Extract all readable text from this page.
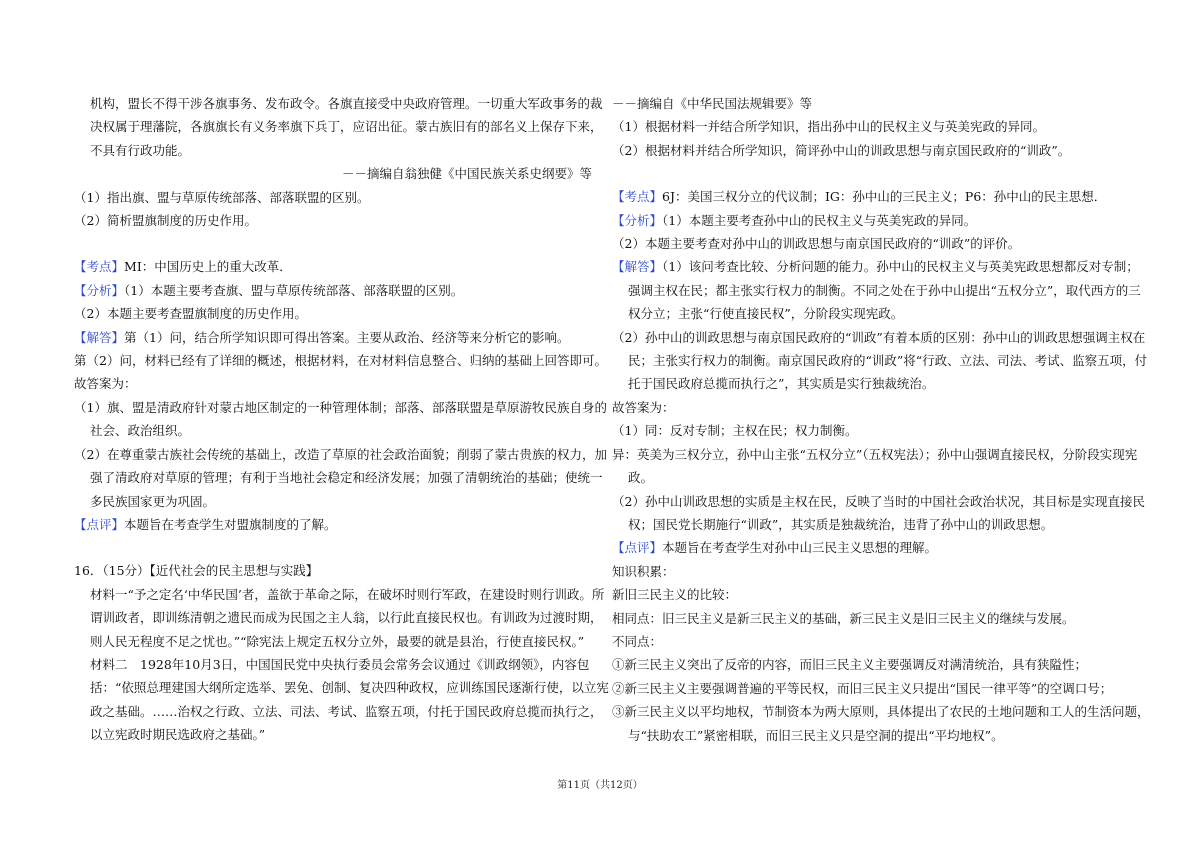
机构，盟长不得干涉各旗事务、发布政令。各旗直接受中央政府管理。一切重大军政事务的裁
决权属于理藩院，各旗旗长有义务率旗下兵丁，应诏出征。蒙古族旧有的部名义上保存下来，
不具有行政功能。
－－摘编自翁独健《中国民族关系史纲要》等
（1）指出旗、盟与草原传统部落、部落联盟的区别。
（2）简析盟旗制度的历史作用。
【考点】MI：中国历史上的重大改革．
【分析】（1）本题主要考查旗、盟与草原传统部落、部落联盟的区别。
（2）本题主要考查盟旗制度的历史作用。
【解答】第（1）问，结合所学知识即可得出答案。主要从政治、经济等来分析它的影响。
第（2）问，材料已经有了详细的概述，根据材料，在对材料信息整合、归纳的基础上回答即可。
故答案为：
（1）旗、盟是清政府针对蒙古地区制定的一种管理体制；部落、部落联盟是草原游牧民族自身的
社会、政治组织。
（2）在尊重蒙古族社会传统的基础上，改造了草原的社会政治面貌；削弱了蒙古贵族的权力，加
强了清政府对草原的管理；有利于当地社会稳定和经济发展；加强了清朝统治的基础；使统一
多民族国家更为巩固。
【点评】本题旨在考查学生对盟旗制度的了解。
16．（15分）【近代社会的民主思想与实践】
材料一“予之定名‘中华民国’者，盖欲于革命之际，在破坏时则行军政，在建设时则行训政。所
谓训政者，即训练清朝之遗民而成为民国之主人翁，以行此直接民权也。有训政为过渡时期，
则人民无程度不足之忧也。”“除宪法上规定五权分立外，最要的就是县治，行使直接民权。”
材料二　1928年10月3日，中国国民党中央执行委员会常务会议通过《训政纲领》，内容包
括：“依照总理建国大纲所定选举、罢免、创制、复决四种政权，应训练国民逐渐行使，以立宪
政之基础。……治权之行政、立法、司法、考试、监察五项，付托于国民政府总揽而执行之，
以立宪政时期民选政府之基础。”
－－摘编自《中华民国法规辑要》等
（1）根据材料一并结合所学知识，指出孙中山的民权主义与英美宪政的异同。
（2）根据材料并结合所学知识，简评孙中山的训政思想与南京国民政府的“训政”。
【考点】6J：美国三权分立的代议制；IG：孙中山的三民主义；P6：孙中山的民主思想．
【分析】（1）本题主要考查孙中山的民权主义与英美宪政的异同。
（2）本题主要考查对孙中山的训政思想与南京国民政府的“训政”的评价。
【解答】（1）该问考查比较、分析问题的能力。孙中山的民权主义与英美宪政思想都反对专制；
强调主权在民；都主张实行权力的制衡。不同之处在于孙中山提出“五权分立”，取代西方的三
权分立；主张“行使直接民权”，分阶段实现宪政。
（2）孙中山的训政思想与南京国民政府的“训政”有着本质的区别：孙中山的训政思想强调主权在
民；主张实行权力的制衡。南京国民政府的“训政”将“行政、立法、司法、考试、监察五项，付
托于国民政府总揽而执行之”，其实质是实行独裁统治。
故答案为：
（1）同：反对专制；主权在民；权力制衡。
异：英美为三权分立，孙中山主张“五权分立”（五权宪法）；孙中山强调直接民权，分阶段实现宪
政。
（2）孙中山训政思想的实质是主权在民，反映了当时的中国社会政治状况，其目标是实现直接民
权；国民党长期施行“训政”，其实质是独裁统治，违背了孙中山的训政思想。
【点评】本题旨在考查学生对孙中山三民主义思想的理解。
知识积累：
新旧三民主义的比较：
相同点：旧三民主义是新三民主义的基础，新三民主义是旧三民主义的继续与发展。
不同点：
①新三民主义突出了反帝的内容，而旧三民主义主要强调反对满清统治，具有狭隘性；
②新三民主义主要强调普遍的平等民权，而旧三民主义只提出“国民一律平等”的空调口号；
③新三民主义以平均地权，节制资本为两大原则，具体提出了农民的土地问题和工人的生活问题，
与“扶助农工”紧密相联，而旧三民主义只是空洞的提出“平均地权”。
第11页（共12页）
